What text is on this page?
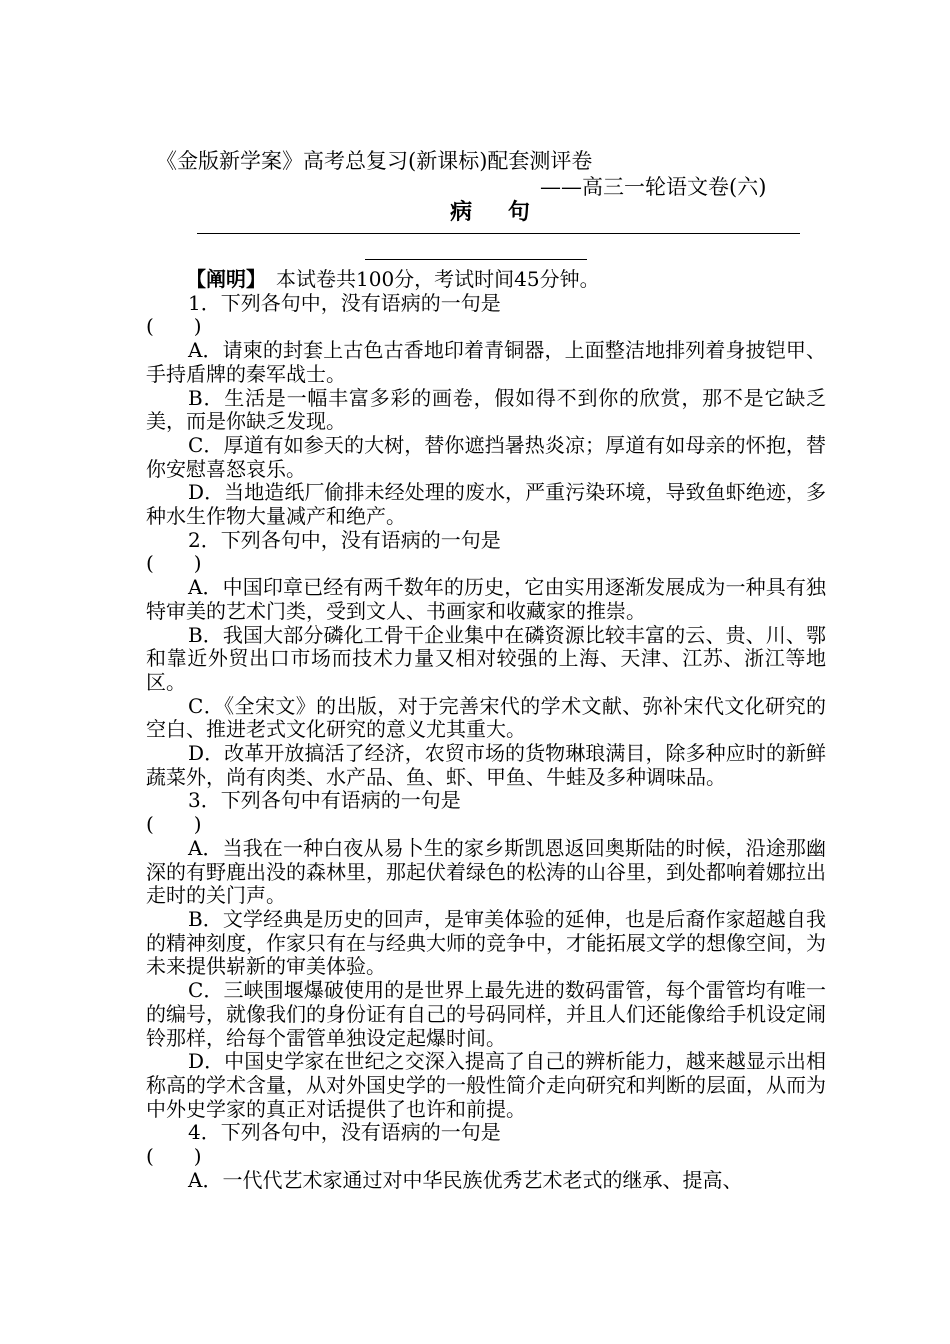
《金版新学案》高考总复习(新课标)配套测评卷
——高三一轮语文卷(六)
病 句

【阐明】　本试卷共100分，考试时间45分钟。

1．下列各句中，没有语病的一句是

(　　)

A．请柬的封套上古色古香地印着青铜器，上面整洁地排列着身披铠甲、手持盾牌的秦军战士。

B．生活是一幅丰富多彩的画卷，假如得不到你的欣赏，那不是它缺乏美，而是你缺乏发现。

C．厚道有如参天的大树，替你遮挡暑热炎凉；厚道有如母亲的怀抱，替你安慰喜怒哀乐。

D．当地造纸厂偷排未经处理的废水，严重污染环境，导致鱼虾绝迹，多种水生作物大量减产和绝产。

2．下列各句中，没有语病的一句是

(　　)

A．中国印章已经有两千数年的历史，它由实用逐渐发展成为一种具有独特审美的艺术门类，受到文人、书画家和收藏家的推崇。

B．我国大部分磷化工骨干企业集中在磷资源比较丰富的云、贵、川、鄂和靠近外贸出口市场而技术力量又相对较强的上海、天津、江苏、浙江等地区。

C．《全宋文》的出版，对于完善宋代的学术文献、弥补宋代文化研究的空白、推进老式文化研究的意义尤其重大。

D．改革开放搞活了经济，农贸市场的货物琳琅满目，除多种应时的新鲜蔬菜外，尚有肉类、水产品、鱼、虾、甲鱼、牛蛙及多种调味品。

3．下列各句中有语病的一句是

(　　)

A．当我在一种白夜从易卜生的家乡斯凯恩返回奥斯陆的时候，沿途那幽深的有野鹿出没的森林里，那起伏着绿色的松涛的山谷里，到处都响着娜拉出走时的关门声。

B．文学经典是历史的回声，是审美体验的延伸，也是后裔作家超越自我的精神刻度，作家只有在与经典大师的竞争中，才能拓展文学的想像空间，为未来提供崭新的审美体验。

C．三峡围堰爆破使用的是世界上最先进的数码雷管，每个雷管均有唯一的编号，就像我们的身份证有自己的号码同样，并且人们还能像给手机设定闹铃那样，给每个雷管单独设定起爆时间。

D．中国史学家在世纪之交深入提高了自己的辨析能力，越来越显示出相称高的学术含量，从对外国史学的一般性简介走向研究和判断的层面，从而为中外史学家的真正对话提供了也许和前提。

4．下列各句中，没有语病的一句是

(　　)

A．一代代艺术家通过对中华民族优秀艺术老式的继承、提高、
